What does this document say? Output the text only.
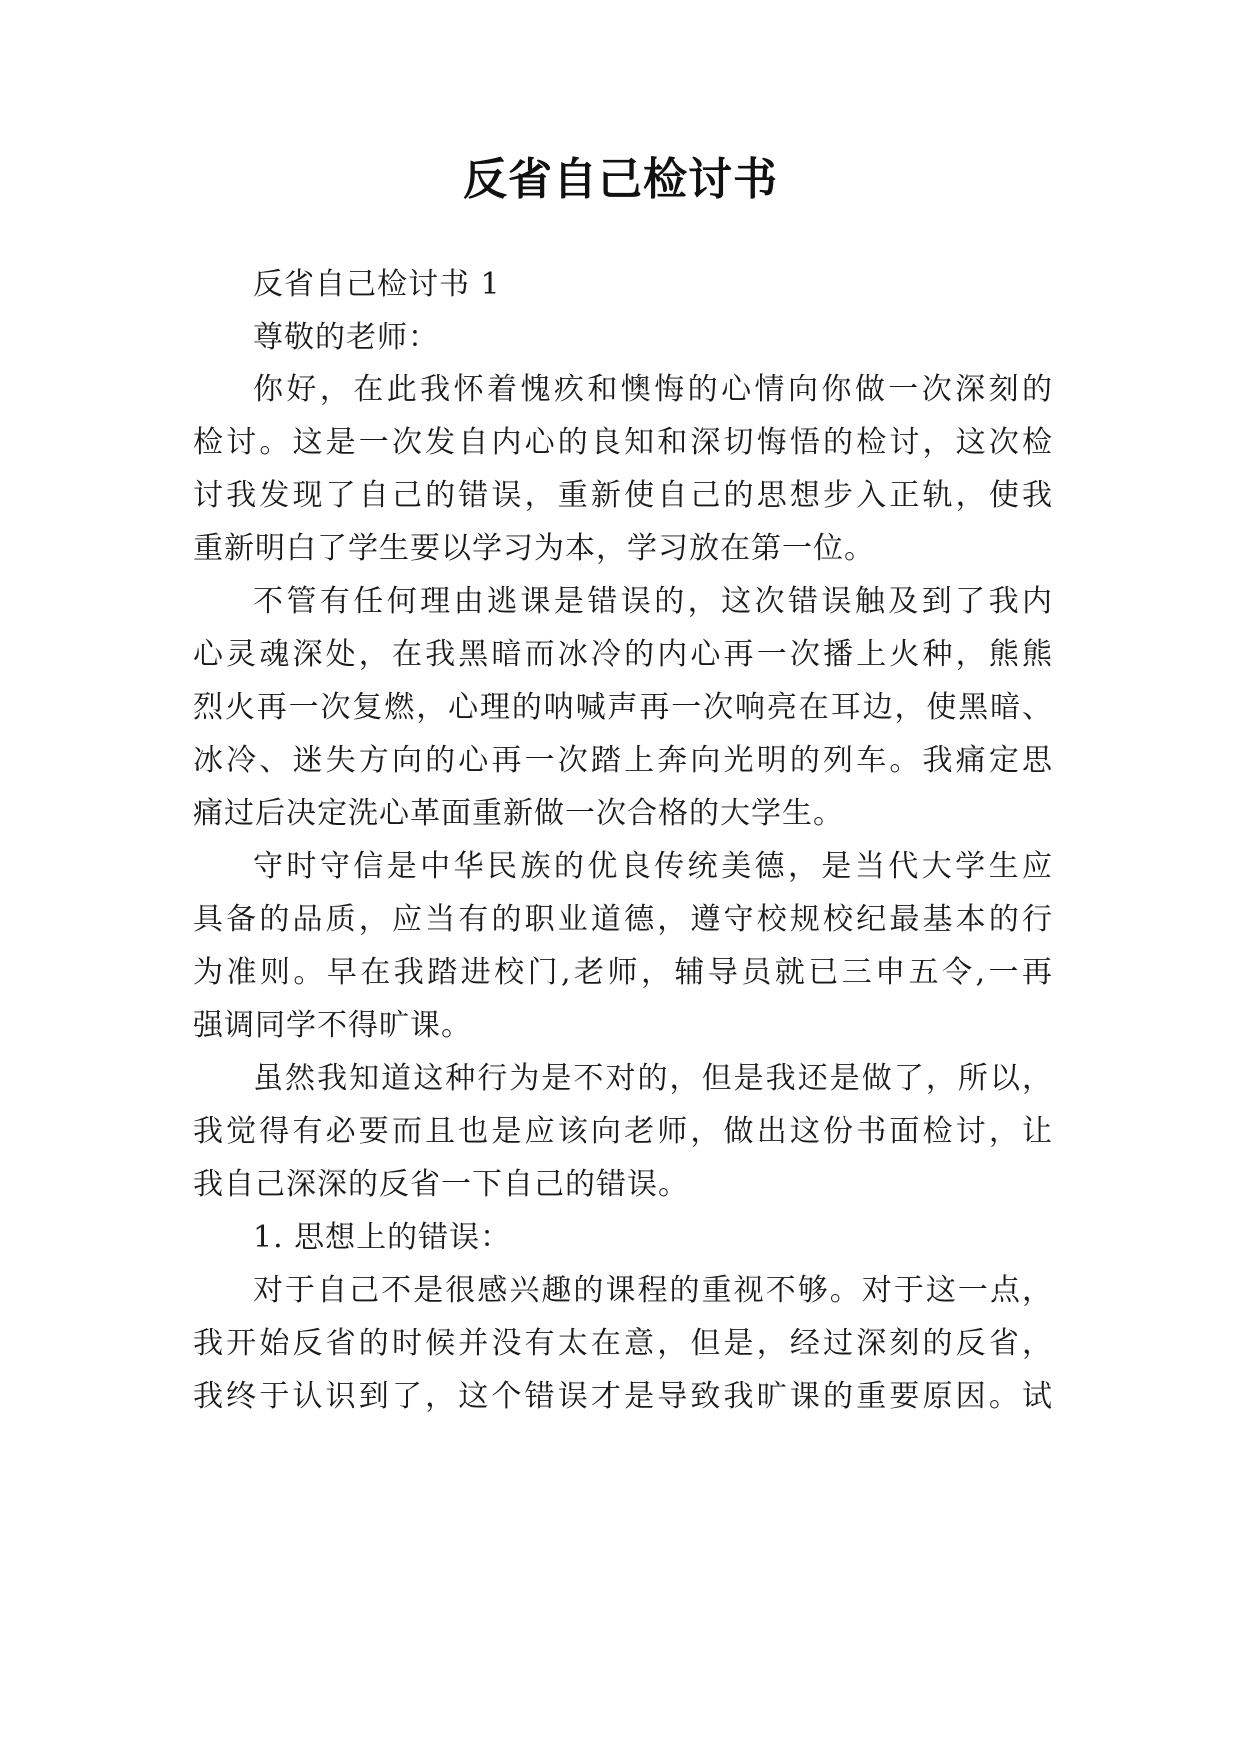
反省自己检讨书
反省自己检讨书 1
尊敬的老师：
你好，在此我怀着愧疚和懊悔的心情向你做一次深刻的
检讨。这是一次发自内心的良知和深切悔悟的检讨，这次检
讨我发现了自己的错误，重新使自己的思想步入正轨，使我
重新明白了学生要以学习为本，学习放在第一位。
不管有任何理由逃课是错误的，这次错误触及到了我内
心灵魂深处，在我黑暗而冰冷的内心再一次播上火种，熊熊
烈火再一次复燃，心理的呐喊声再一次响亮在耳边，使黑暗、
冰冷、迷失方向的心再一次踏上奔向光明的列车。我痛定思
痛过后决定洗心革面重新做一次合格的大学生。
守时守信是中华民族的优良传统美德，是当代大学生应
具备的品质，应当有的职业道德，遵守校规校纪最基本的行
为准则。早在我踏进校门,老师，辅导员就已三申五令,一再
强调同学不得旷课。
虽然我知道这种行为是不对的，但是我还是做了，所以，
我觉得有必要而且也是应该向老师，做出这份书面检讨，让
我自己深深的反省一下自己的错误。
1. 思想上的错误：
对于自己不是很感兴趣的课程的重视不够。对于这一点，
我开始反省的时候并没有太在意，但是，经过深刻的反省，
我终于认识到了，这个错误才是导致我旷课的重要原因。试
